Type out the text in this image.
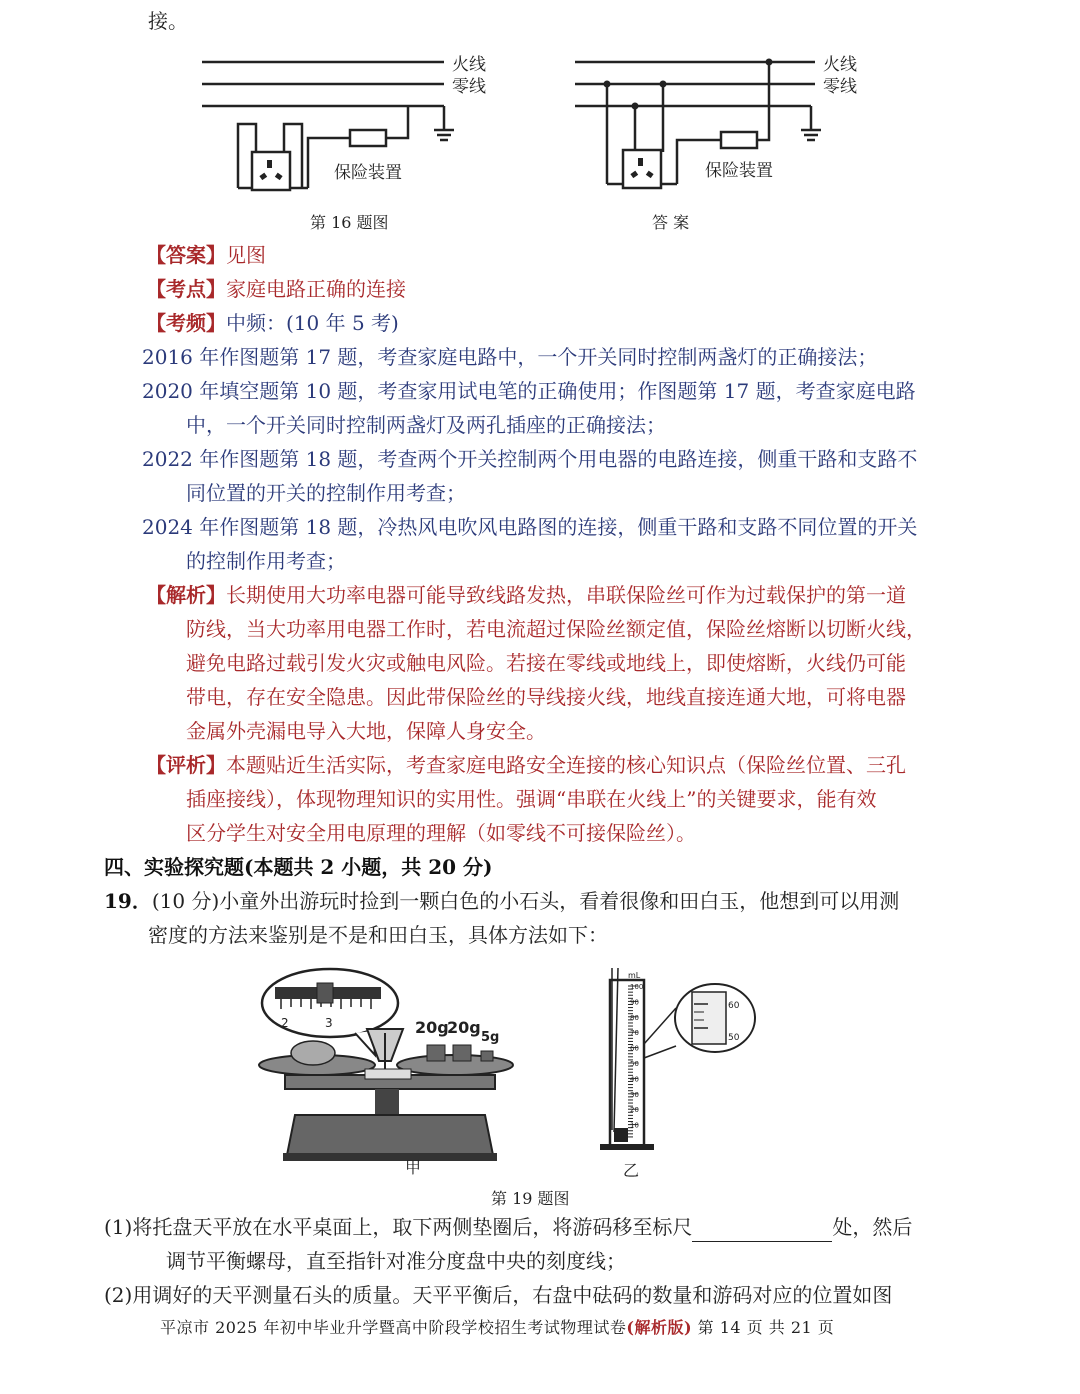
接。
火线
零线
保险装置
第 16 题图
火线
零线
保险装置
答 案
【答案】见图
【考点】家庭电路正确的连接
【考频】中频：(10 年 5 考)
2016 年作图题第 17 题，考查家庭电路中，一个开关同时控制两盏灯的正确接法；
2020 年填空题第 10 题，考查家用试电笔的正确使用；作图题第 17 题，考查家庭电路
中，一个开关同时控制两盏灯及两孔插座的正确接法；
2022 年作图题第 18 题，考查两个开关控制两个用电器的电路连接，侧重干路和支路不
同位置的开关的控制作用考查；
2024 年作图题第 18 题，冷热风电吹风电路图的连接，侧重干路和支路不同位置的开关
的控制作用考查；
【解析】长期使用大功率电器可能导致线路发热，串联保险丝可作为过载保护的第一道
防线，当大功率用电器工作时，若电流超过保险丝额定值，保险丝熔断以切断火线，
避免电路过载引发火灾或触电风险。若接在零线或地线上，即使熔断，火线仍可能
带电，存在安全隐患。因此带保险丝的导线接火线，地线直接连通大地，可将电器
金属外壳漏电导入大地，保障人身安全。
【评析】本题贴近生活实际，考查家庭电路安全连接的核心知识点（保险丝位置、三孔
插座接线），体现物理知识的实用性。强调“串联在火线上”的关键要求，能有效
区分学生对安全用电原理的理解（如零线不可接保险丝）。
四、实验探究题(本题共 2 小题，共 20 分)
19．(10 分)小童外出游玩时捡到一颗白色的小石头，看着很像和田白玉，他想到可以用测
密度的方法来鉴别是不是和田白玉，具体方法如下：
2	3	20g
20g
5g
甲
mL
100
90
80
70
60
50
40
30
20
10
60
50
乙
第 19 题图
(1)将托盘天平放在水平桌面上，取下两侧垫圈后，将游码移至标尺	处，然后
调节平衡螺母，直至指针对准分度盘中央的刻度线；
(2)用调好的天平测量石头的质量。天平平衡后，右盘中砝码的数量和游码对应的位置如图
平凉市 2025 年初中毕业升学暨高中阶段学校招生考试物理试卷(解析版) 第 14 页 共 21 页
